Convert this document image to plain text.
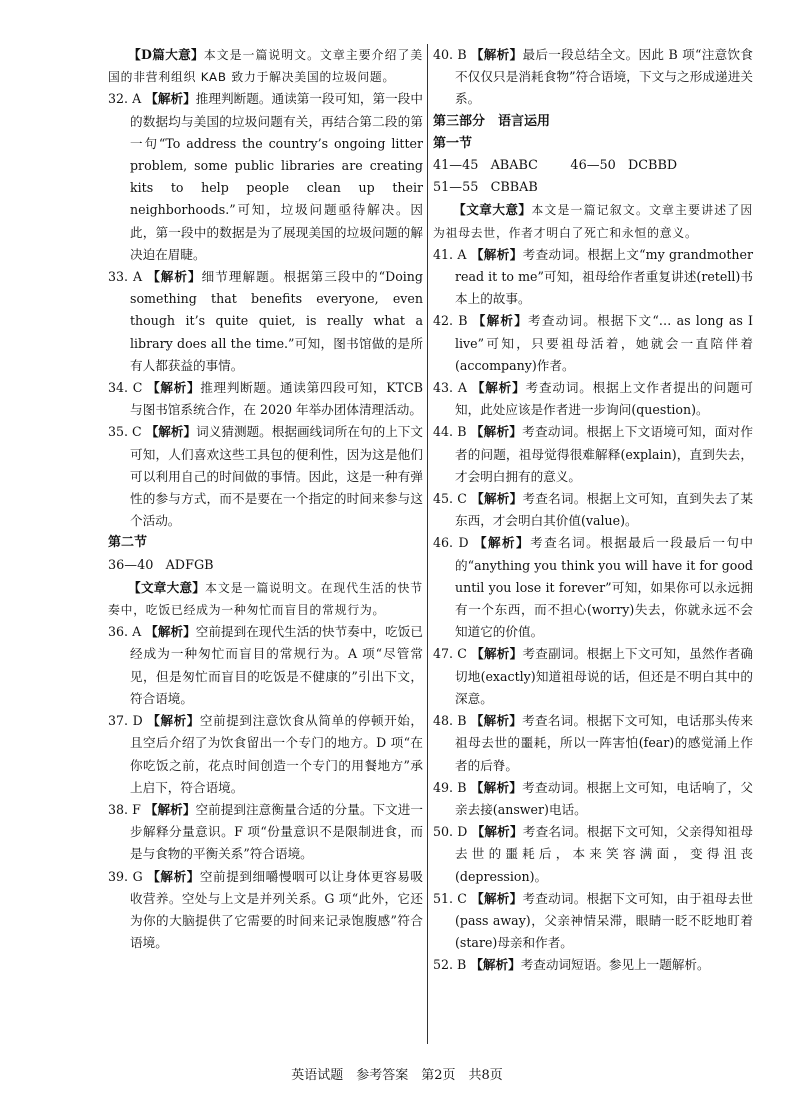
【D篇大意】本文是一篇说明文。文章主要介绍了美国的非营利组织 KAB 致力于解决美国的垃圾问题。

32. A 【解析】推理判断题。通读第一段可知，第一段中的数据均与美国的垃圾问题有关，再结合第二段的第一句“To address the country’s ongoing litter problem, some public libraries are creating kits to help people clean up their neighborhoods.”可知，垃圾问题亟待解决。因此，第一段中的数据是为了展现美国的垃圾问题的解决迫在眉睫。

33. A 【解析】细节理解题。根据第三段中的“Doing something that benefits everyone, even though it’s quite quiet, is really what a library does all the time.”可知，图书馆做的是所有人都获益的事情。

34. C 【解析】推理判断题。通读第四段可知，KTCB 与图书馆系统合作，在 2020 年举办团体清理活动。

35. C 【解析】词义猜测题。根据画线词所在句的上下文可知，人们喜欢这些工具包的便利性，因为这是他们可以利用自己的时间做的事情。因此，这是一种有弹性的参与方式，而不是要在一个指定的时间来参与这个活动。

第二节

36—40   ADFGB

【文章大意】本文是一篇说明文。在现代生活的快节奏中，吃饭已经成为一种匆忙而盲目的常规行为。

36. A 【解析】空前提到在现代生活的快节奏中，吃饭已经成为一种匆忙而盲目的常规行为。A 项“尽管常见，但是匆忙而盲目的吃饭是不健康的”引出下文，符合语境。

37. D 【解析】空前提到注意饮食从简单的停顿开始，且空后介绍了为饮食留出一个专门的地方。D 项“在你吃饭之前，花点时间创造一个专门的用餐地方”承上启下，符合语境。

38. F 【解析】空前提到注意衡量合适的分量。下文进一步解释分量意识。F 项“份量意识不是限制进食，而是与食物的平衡关系”符合语境。

39. G 【解析】空前提到细嚼慢咽可以让身体更容易吸收营养。空处与上文是并列关系。G 项“此外，它还为你的大脑提供了它需要的时间来记录饱腹感”符合语境。

40. B 【解析】最后一段总结全文。因此 B 项“注意饮食不仅仅只是消耗食物”符合语境，下文与之形成递进关系。

第三部分　语言运用

第一节

41—45   ABABC        46—50   DCBBD

51—55   CBBAB

【文章大意】本文是一篇记叙文。文章主要讲述了因为祖母去世，作者才明白了死亡和永恒的意义。

41. A 【解析】考查动词。根据上文“my grandmother read it to me”可知，祖母给作者重复讲述(retell)书本上的故事。

42. B 【解析】考查动词。根据下文“… as long as I live”可知，只要祖母活着，她就会一直陪伴着(accompany)作者。

43. A 【解析】考查动词。根据上文作者提出的问题可知，此处应该是作者进一步询问(question)。

44. B 【解析】考查动词。根据上下文语境可知，面对作者的问题，祖母觉得很难解释(explain)，直到失去，才会明白拥有的意义。

45. C 【解析】考查名词。根据上文可知，直到失去了某东西，才会明白其价值(value)。

46. D 【解析】考查名词。根据最后一段最后一句中的“anything you think you will have it for good until you lose it forever”可知，如果你可以永远拥有一个东西，而不担心(worry)失去，你就永远不会知道它的价值。

47. C 【解析】考查副词。根据上下文可知，虽然作者确切地(exactly)知道祖母说的话，但还是不明白其中的深意。

48. B 【解析】考查名词。根据下文可知，电话那头传来祖母去世的噩耗，所以一阵害怕(fear)的感觉涌上作者的后脊。

49. B 【解析】考查动词。根据上文可知，电话响了，父亲去接(answer)电话。

50. D 【解析】考查名词。根据下文可知，父亲得知祖母去世的噩耗后，本来笑容满面，变得沮丧(depression)。

51. C 【解析】考查动词。根据下文可知，由于祖母去世(pass away)，父亲神情呆滞，眼睛一眨不眨地盯着(stare)母亲和作者。

52. B 【解析】考查动词短语。参见上一题解析。

英语试题　参考答案　第2页　共8页
